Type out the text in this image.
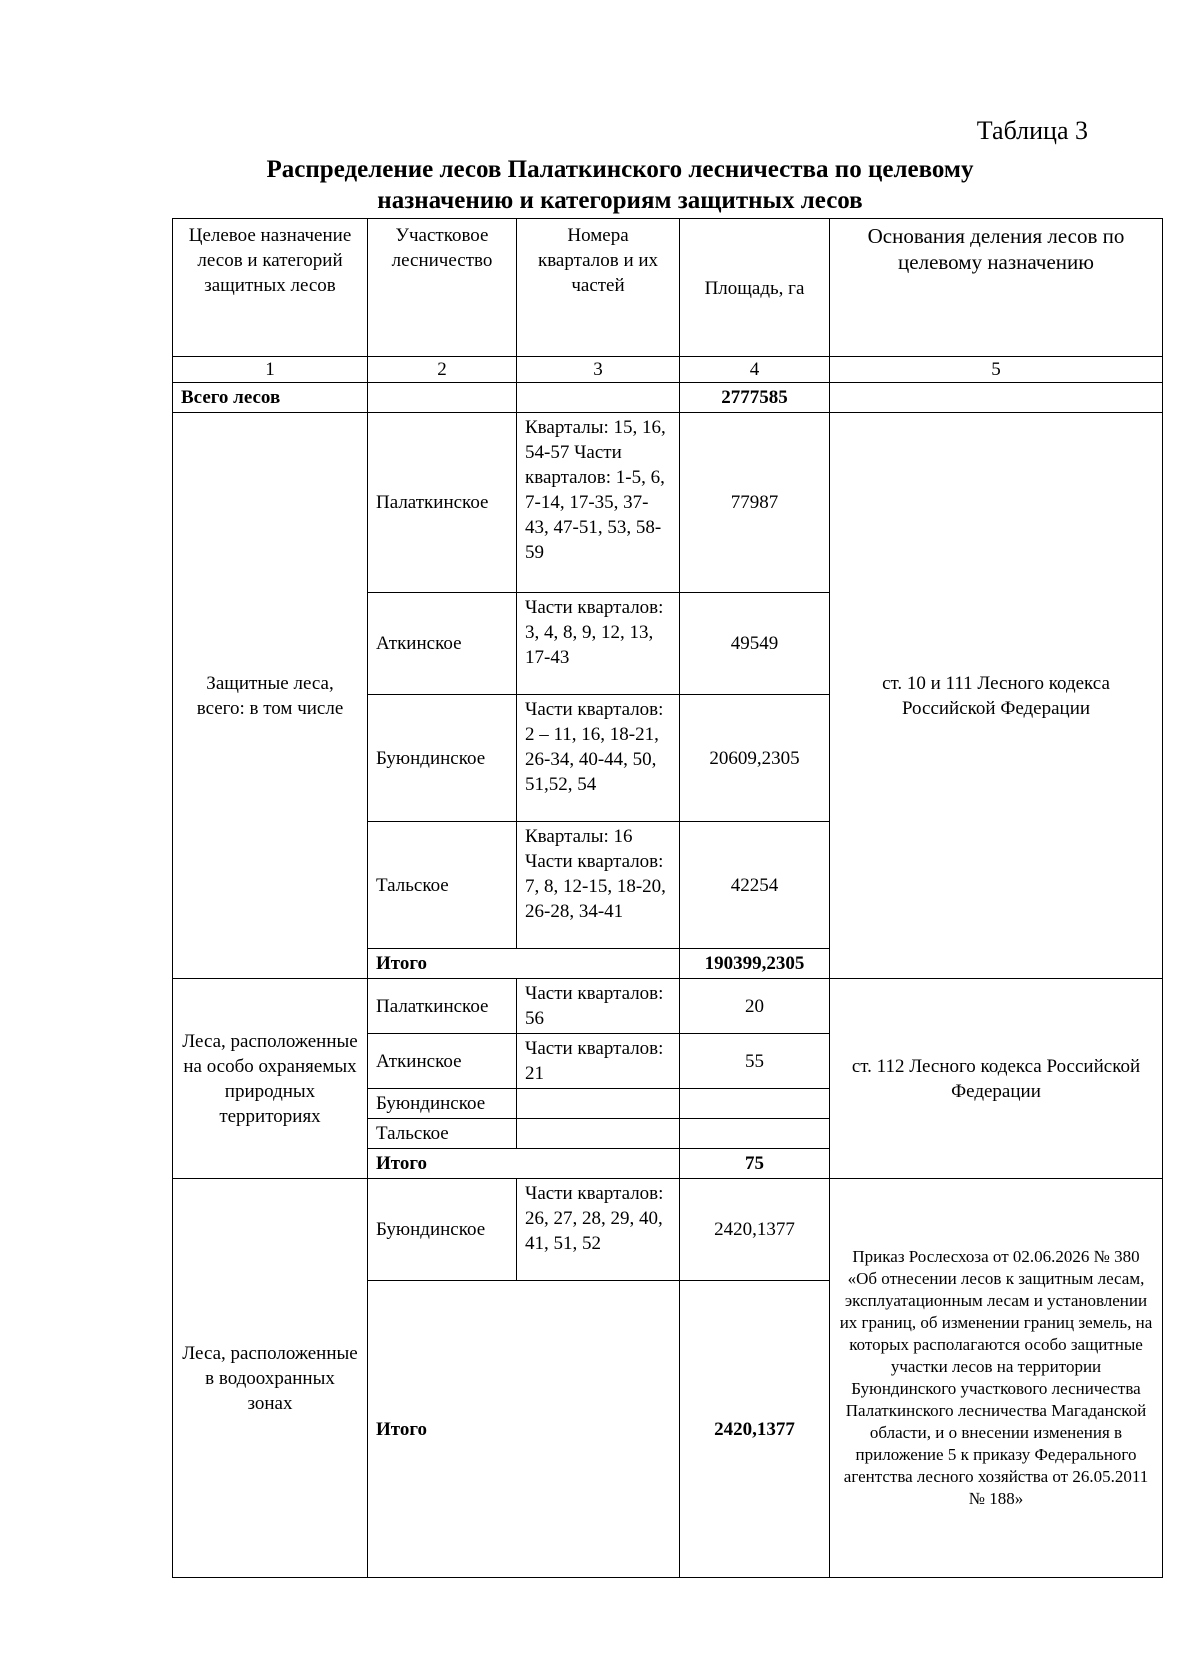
Таблица 3
Распределение лесов Палаткинского лесничества по целевому
назначению и категориям защитных лесов
Целевое назначение лесов и категорий защитных лесов	Участковое лесничество	Номера кварталов и их частей	Площадь, га	Основания деления лесов по целевому назначению
1	2	3	4	5
Всего лесов			2777585	
Защитные леса, всего: в том числе	Палаткинское	Кварталы: 15, 16, 54-57 Части кварталов: 1-5, 6, 7-14, 17-35, 37-43, 47-51, 53, 58-59	77987	ст. 10 и 111 Лесного кодекса Российской Федерации
	Аткинское	Части кварталов: 3, 4, 8, 9, 12, 13, 17-43	49549	
	Буюндинское	Части кварталов: 2 – 11, 16, 18-21, 26-34, 40-44, 50, 51,52, 54	20609,2305	
	Тальское	Кварталы: 16 Части кварталов: 7, 8, 12-15, 18-20, 26-28, 34-41	42254	
	Итого		190399,2305	
Леса, расположенные на особо охраняемых природных территориях	Палаткинское	Части кварталов: 56	20	ст. 112 Лесного кодекса Российской Федерации
	Аткинское	Части кварталов: 21	55	
	Буюндинское			
	Тальское			
	Итого		75	
Леса, расположенные в водоохранных зонах	Буюндинское	Части кварталов: 26, 27, 28, 29, 40, 41, 51, 52	2420,1377	Приказ Рослесхоза от 02.06.2026 № 380 «Об отнесении лесов к защитным лесам, эксплуатационным лесам и установлении их границ, об изменении границ земель, на которых располагаются особо защитные участки лесов на территории Буюндинского участкового лесничества Палаткинского лесничества Магаданской области, и о внесении изменения в приложение 5 к приказу Федерального агентства лесного хозяйства от 26.05.2011 № 188»
	Итого		2420,1377	
